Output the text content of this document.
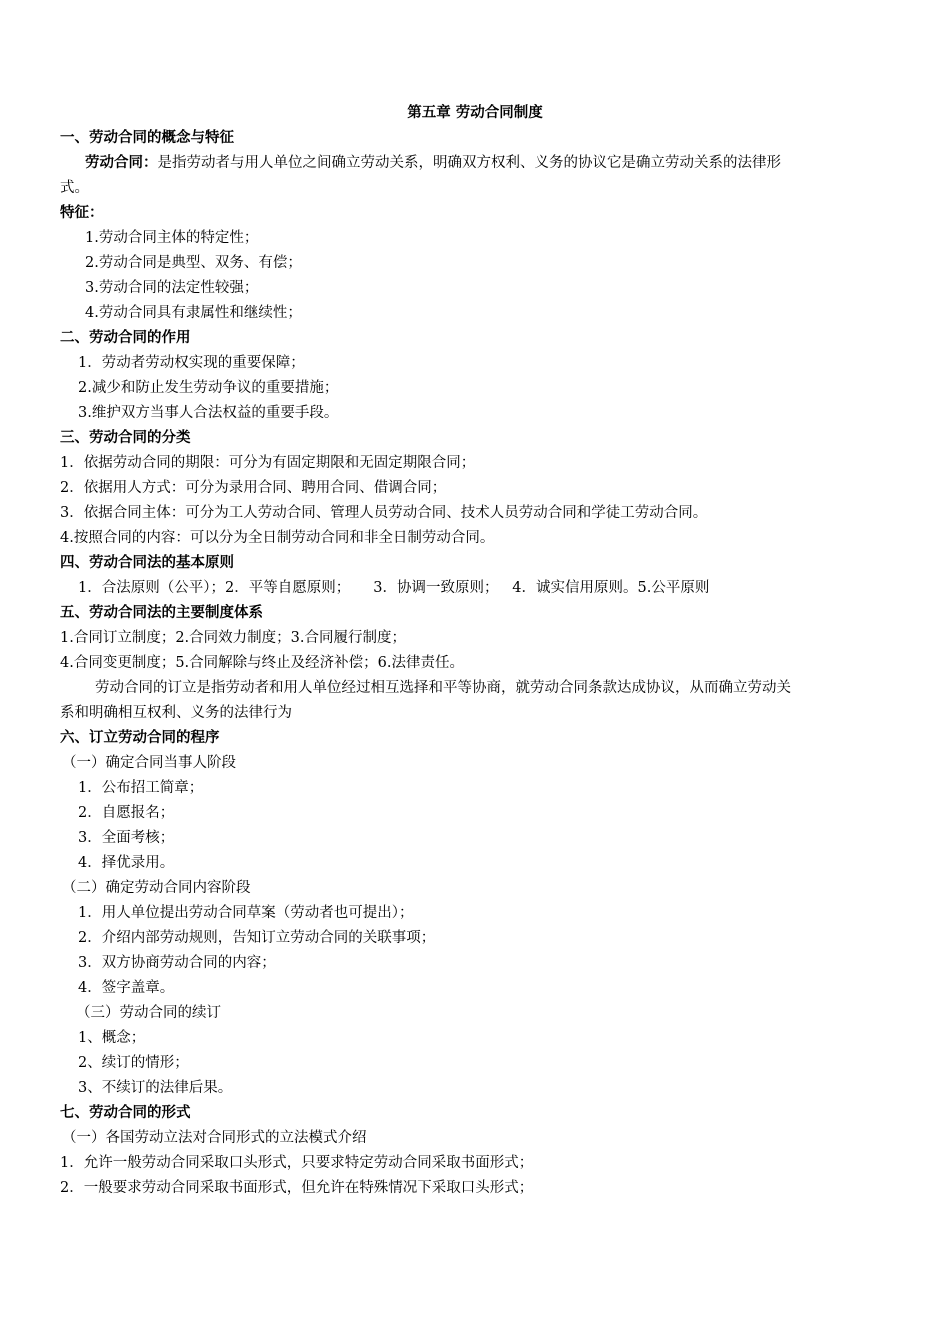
第五章 劳动合同制度
一、劳动合同的概念与特征
劳动合同：是指劳动者与用人单位之间确立劳动关系，明确双方权利、义务的协议它是确立劳动关系的法律形
式。
特征：
1.劳动合同主体的特定性；
2.劳动合同是典型、双务、有偿；
3.劳动合同的法定性较强；
4.劳动合同具有隶属性和继续性；
二、劳动合同的作用
1．劳动者劳动权实现的重要保障；
2.减少和防止发生劳动争议的重要措施；
3.维护双方当事人合法权益的重要手段。
三、劳动合同的分类
1．依据劳动合同的期限：可分为有固定期限和无固定期限合同；
2．依据用人方式：可分为录用合同、聘用合同、借调合同；
3．依据合同主体：可分为工人劳动合同、管理人员劳动合同、技术人员劳动合同和学徒工劳动合同。
4.按照合同的内容：可以分为全日制劳动合同和非全日制劳动合同。
四、劳动合同法的基本原则
1．合法原则（公平）；2．平等自愿原则；     3．协调一致原则；   4．诚实信用原则。5.公平原则
五、劳动合同法的主要制度体系
1.合同订立制度；2.合同效力制度；3.合同履行制度；
4.合同变更制度；5.合同解除与终止及经济补偿；6.法律责任。
劳动合同的订立是指劳动者和用人单位经过相互选择和平等协商，就劳动合同条款达成协议，从而确立劳动关
系和明确相互权利、义务的法律行为
六、订立劳动合同的程序
（一）确定合同当事人阶段
1．公布招工简章；
2．自愿报名；
3．全面考核；
4．择优录用。
（二）确定劳动合同内容阶段
1．用人单位提出劳动合同草案（劳动者也可提出）；
2．介绍内部劳动规则，告知订立劳动合同的关联事项；
3．双方协商劳动合同的内容；
4．签字盖章。
（三）劳动合同的续订
1、概念；
2、续订的情形；
3、不续订的法律后果。
七、劳动合同的形式
（一）各国劳动立法对合同形式的立法模式介绍
1．允许一般劳动合同采取口头形式，只要求特定劳动合同采取书面形式；
2．一般要求劳动合同采取书面形式，但允许在特殊情况下采取口头形式；
